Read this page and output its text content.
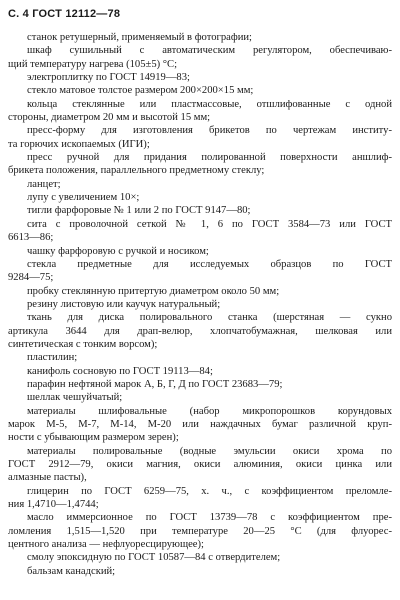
С. 4 ГОСТ 12112—78
станок ретушерный, применяемый в фотографии;
шкаф сушильный с автоматическим регулятором, обеспечиваю-
щий температуру нагрева (105±5) °С;
электроплитку по ГОСТ 14919—83;
стекло матовое толстое размером 200×200×15 мм;
кольца стеклянные или пластмассовые, отшлифованные с одной
стороны, диаметром 20 мм и высотой 15 мм;
пресс-форму для изготовления брикетов по чертежам институ-
та горючих ископаемых (ИГИ);
пресс ручной для придания полированной поверхности аншлиф-
брикета положения, параллельного предметному стеклу;
ланцет;
лупу с увеличением 10×;
тигли фарфоровые № 1 или 2 по ГОСТ 9147—80;
сита с проволочной сеткой № 1, 6 по ГОСТ 3584—73 или ГОСТ
6613—86;
чашку фарфоровую с ручкой и носиком;
стекла предметные для исследуемых образцов по ГОСТ
9284—75;
пробку стеклянную притертую диаметром около 50 мм;
резину листовую или каучук натуральный;
ткань для диска полировального станка (шерстяная — сукно
артикула 3644 для драп-велюр, хлопчатобумажная, шелковая или
синтетическая с тонким ворсом);
пластилин;
канифоль сосновую по ГОСТ 19113—84;
парафин нефтяной марок А, Б, Г, Д по ГОСТ 23683—79;
шеллак чешуйчатый;
материалы шлифовальные (набор микропорошков корундовых
марок М-5, М-7, М-14, М-20 или наждачных бумаг различной круп-
ности с убывающим размером зерен);
материалы полировальные (водные эмульсии окиси хрома по
ГОСТ 2912—79, окиси магния, окиси алюминия, окиси цинка или
алмазные пасты),
глицерин по ГОСТ 6259—75, х. ч., с коэффициентом преломле-
ния 1,4710—1,4744;
масло иммерсионное по ГОСТ 13739—78 с коэффициентом пре-
ломления 1,515—1,520 при температуре 20—25 °С (для флуорес-
центного анализа — нефлуоресцирующее);
смолу эпоксидную по ГОСТ 10587—84 с отвердителем;
бальзам канадский;
